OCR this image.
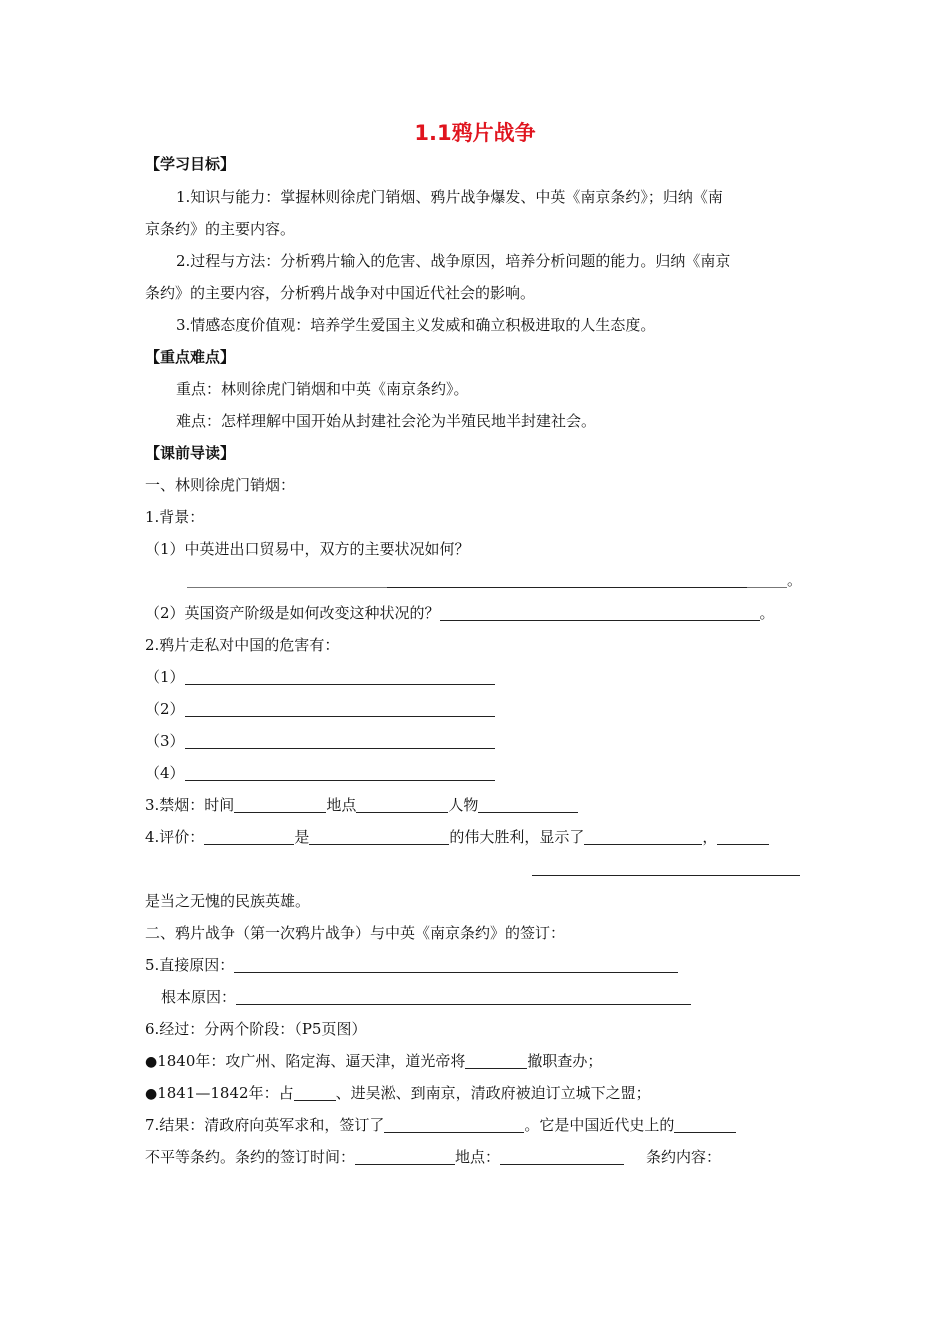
1.1鸦片战争
【学习目标】
1.知识与能力：掌握林则徐虎门销烟、鸦片战争爆发、中英《南京条约》；归纳《南
京条约》的主要内容。
2.过程与方法：分析鸦片输入的危害、战争原因，培养分析问题的能力。归纳《南京
条约》的主要内容，分析鸦片战争对中国近代社会的影响。
3.情感态度价值观：培养学生爱国主义发威和确立积极进取的人生态度。
【重点难点】
重点：林则徐虎门销烟和中英《南京条约》。
难点：怎样理解中国开始从封建社会沦为半殖民地半封建社会。
【课前导读】
一、林则徐虎门销烟：
1.背景：
（1）中英进出口贸易中，双方的主要状况如何？
。
（2）英国资产阶级是如何改变这种状况的？	。
2.鸦片走私对中国的危害有：
（1）
（2）
（3）
（4）
3.禁烟：时间	地点	人物
4.评价：	是	的伟大胜利，显示了	，
是当之无愧的民族英雄。
二、鸦片战争（第一次鸦片战争）与中英《南京条约》的签订：
5.直接原因：
根本原因：
6.经过：分两个阶段：（P5页图）
●1840年：攻广州、陷定海、逼天津，道光帝将	撤职查办；
●1841—1842年：占	、进吴淞、到南京，清政府被迫订立城下之盟；
7.结果：清政府向英军求和，签订了	。它是中国近代史上的
不平等条约。条约的签订时间：	地点：	条约内容：
